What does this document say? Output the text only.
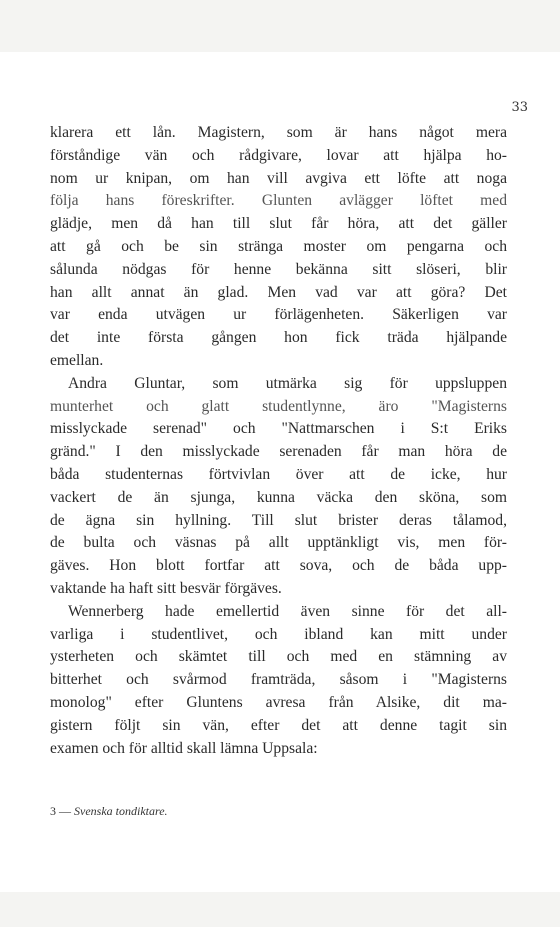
33
klarera ett lån. Magistern, som är hans något mera
förståndige vän och rådgivare, lovar att hjälpa ho-
nom ur knipan, om han vill avgiva ett löfte att noga
följa hans föreskrifter. Glunten avlägger löftet med
glädje, men då han till slut får höra, att det gäller
att gå och be sin stränga moster om pengarna och
sålunda nödgas för henne bekänna sitt slöseri, blir
han allt annat än glad. Men vad var att göra? Det
var enda utvägen ur förlägenheten. Säkerligen var
det inte första gången hon fick träda hjälpande
emellan.
Andra Gluntar, som utmärka sig för uppsluppen
munterhet och glatt studentlynne, äro "Magisterns
misslyckade serenad" och "Nattmarschen i S:t Eriks
gränd." I den misslyckade serenaden får man höra de
båda studenternas förtvivlan över att de icke, hur
vackert de än sjunga, kunna väcka den sköna, som
de ägna sin hyllning. Till slut brister deras tålamod,
de bulta och väsnas på allt upptänkligt vis, men för-
gäves. Hon blott fortfar att sova, och de båda upp-
vaktande ha haft sitt besvär förgäves.
Wennerberg hade emellertid även sinne för det all-
varliga i studentlivet, och ibland kan mitt under
ysterheten och skämtet till och med en stämning av
bitterhet och svårmod framträda, såsom i "Magisterns
monolog" efter Gluntens avresa från Alsike, dit ma-
gistern följt sin vän, efter det att denne tagit sin
examen och för alltid skall lämna Uppsala:
3 — Svenska tondiktare.
